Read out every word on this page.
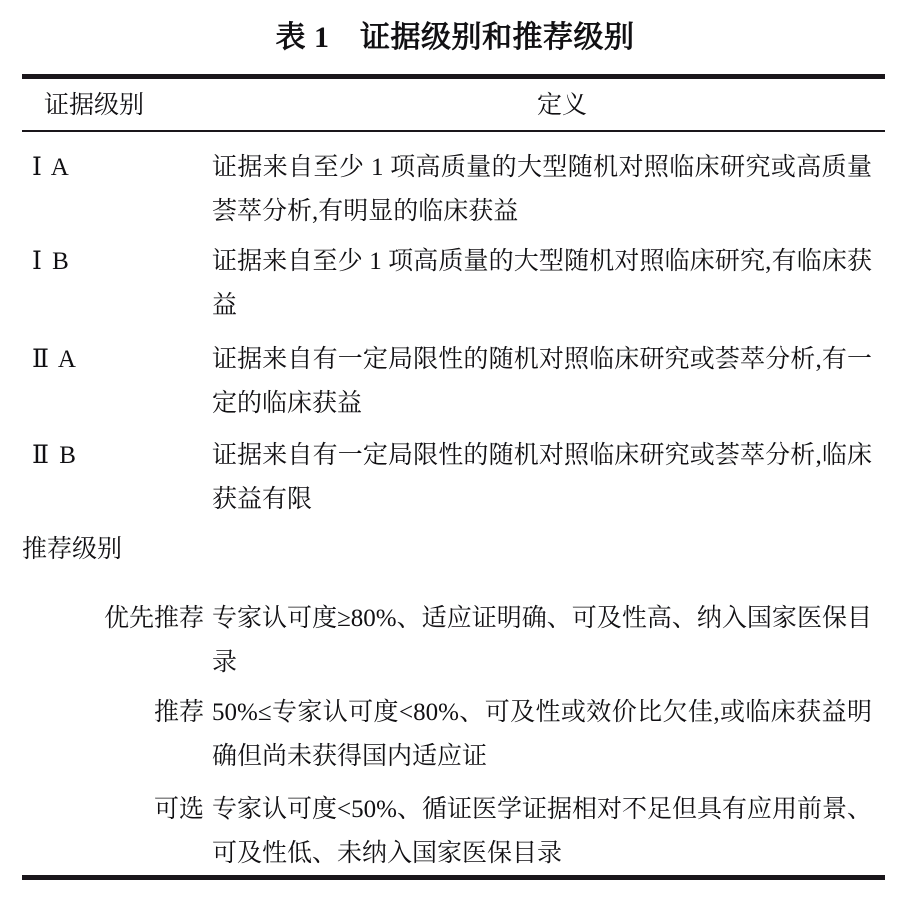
表 1　证据级别和推荐级别
证据级别	定义
Ⅰ A	证据来自至少 1 项高质量的大型随机对照临床研究或高质量荟萃分析,有明显的临床获益
Ⅰ B	证据来自至少 1 项高质量的大型随机对照临床研究,有临床获益
Ⅱ A	证据来自有一定局限性的随机对照临床研究或荟萃分析,有一定的临床获益
Ⅱ B	证据来自有一定局限性的随机对照临床研究或荟萃分析,临床获益有限
推荐级别
优先推荐 专家认可度≥80%、适应证明确、可及性高、纳入国家医保目录
推荐 50%≤专家认可度<80%、可及性或效价比欠佳,或临床获益明确但尚未获得国内适应证
可选 专家认可度<50%、循证医学证据相对不足但具有应用前景、可及性低、未纳入国家医保目录
